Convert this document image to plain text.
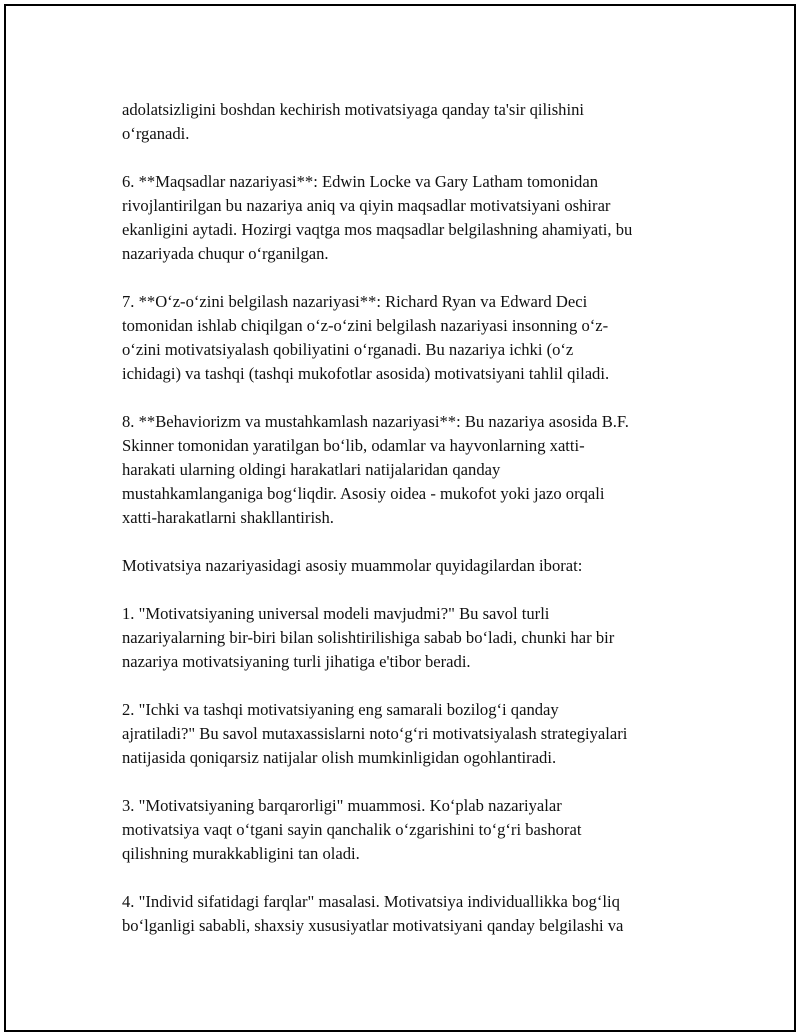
adolatsizligini boshdan kechirish motivatsiyaga qanday ta'sir qilishini
o‘rganadi.

6. **Maqsadlar nazariyasi**: Edwin Locke va Gary Latham tomonidan
rivojlantirilgan bu nazariya aniq va qiyin maqsadlar motivatsiyani oshirar
ekanligini aytadi. Hozirgi vaqtga mos maqsadlar belgilashning ahamiyati, bu
nazariyada chuqur o‘rganilgan.

7. **O‘z-o‘zini belgilash nazariyasi**: Richard Ryan va Edward Deci
tomonidan ishlab chiqilgan o‘z-o‘zini belgilash nazariyasi insonning o‘z-
o‘zini motivatsiyalash qobiliyatini o‘rganadi. Bu nazariya ichki (o‘z
ichidagi) va tashqi (tashqi mukofotlar asosida) motivatsiyani tahlil qiladi.

8. **Behaviorizm va mustahkamlash nazariyasi**: Bu nazariya asosida B.F.
Skinner tomonidan yaratilgan bo‘lib, odamlar va hayvonlarning xatti-
harakati ularning oldingi harakatlari natijalaridan qanday
mustahkamlanganiga bog‘liqdir. Asosiy oidea - mukofot yoki jazo orqali
xatti-harakatlarni shakllantirish.

Motivatsiya nazariyasidagi asosiy muammolar quyidagilardan iborat:

1. "Motivatsiyaning universal modeli mavjudmi?" Bu savol turli
nazariyalarning bir-biri bilan solishtirilishiga sabab bo‘ladi, chunki har bir
nazariya motivatsiyaning turli jihatiga e'tibor beradi.

2. "Ichki va tashqi motivatsiyaning eng samarali bozilog‘i qanday
ajratiladi?" Bu savol mutaxassislarni noto‘g‘ri motivatsiyalash strategiyalari
natijasida qoniqarsiz natijalar olish mumkinligidan ogohlantiradi.

3. "Motivatsiyaning barqarorligi" muammosi. Ko‘plab nazariyalar
motivatsiya vaqt o‘tgani sayin qanchalik o‘zgarishini to‘g‘ri bashorat
qilishning murakkabligini tan oladi.

4. "Individ sifatidagi farqlar" masalasi. Motivatsiya individuallikka bog‘liq
bo‘lganligi sababli, shaxsiy xususiyatlar motivatsiyani qanday belgilashi va
